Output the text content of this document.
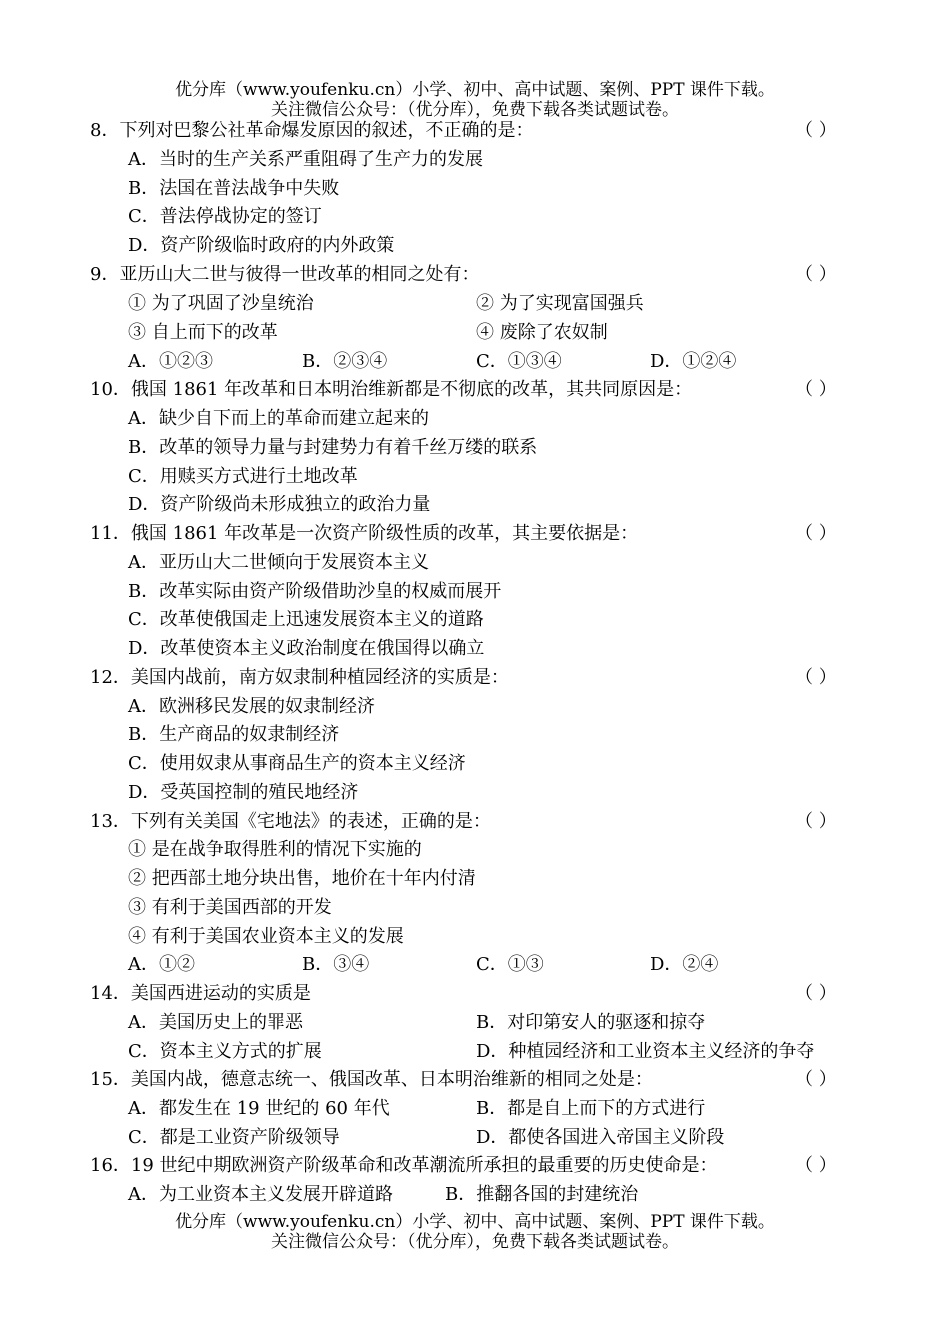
优分库（www.youfenku.cn）小学、初中、高中试题、案例、PPT 课件下载。
关注微信公众号：（优分库），免费下载各类试题试卷。
8．下列对巴黎公社革命爆发原因的叙述，不正确的是：	（ ）
A．当时的生产关系严重阻碍了生产力的发展
B．法国在普法战争中失败
C．普法停战协定的签订
D．资产阶级临时政府的内外政策
9．亚历山大二世与彼得一世改革的相同之处有：	（ ）
① 为了巩固了沙皇统治	② 为了实现富国强兵
③ 自上而下的改革	④ 废除了农奴制
A．①②③	B．②③④	C．①③④	D．①②④
10．俄国 1861 年改革和日本明治维新都是不彻底的改革，其共同原因是：	（ ）
A．缺少自下而上的革命而建立起来的
B．改革的领导力量与封建势力有着千丝万缕的联系
C．用赎买方式进行土地改革
D．资产阶级尚未形成独立的政治力量
11．俄国 1861 年改革是一次资产阶级性质的改革，其主要依据是：	（ ）
A．亚历山大二世倾向于发展资本主义
B．改革实际由资产阶级借助沙皇的权威而展开
C．改革使俄国走上迅速发展资本主义的道路
D．改革使资本主义政治制度在俄国得以确立
12．美国内战前，南方奴隶制种植园经济的实质是：	（ ）
A．欧洲移民发展的奴隶制经济
B．生产商品的奴隶制经济
C．使用奴隶从事商品生产的资本主义经济
D．受英国控制的殖民地经济
13．下列有关美国《宅地法》的表述，正确的是：	（ ）
① 是在战争取得胜利的情况下实施的
② 把西部土地分块出售，地价在十年内付清
③ 有利于美国西部的开发
④ 有利于美国农业资本主义的发展
A．①②	B．③④	C．①③	D．②④
14．美国西进运动的实质是	（ ）
A．美国历史上的罪恶	B．对印第安人的驱逐和掠夺
C．资本主义方式的扩展	D．种植园经济和工业资本主义经济的争夺
15．美国内战，德意志统一、俄国改革、日本明治维新的相同之处是：	（ ）
A．都发生在 19 世纪的 60 年代	B．都是自上而下的方式进行
C．都是工业资产阶级领导	D．都使各国进入帝国主义阶段
16．19 世纪中期欧洲资产阶级革命和改革潮流所承担的最重要的历史使命是：	（ ）
A．为工业资本主义发展开辟道路	B．推翻各国的封建统治
优分库（www.youfenku.cn）小学、初中、高中试题、案例、PPT 课件下载。
关注微信公众号：（优分库），免费下载各类试题试卷。
